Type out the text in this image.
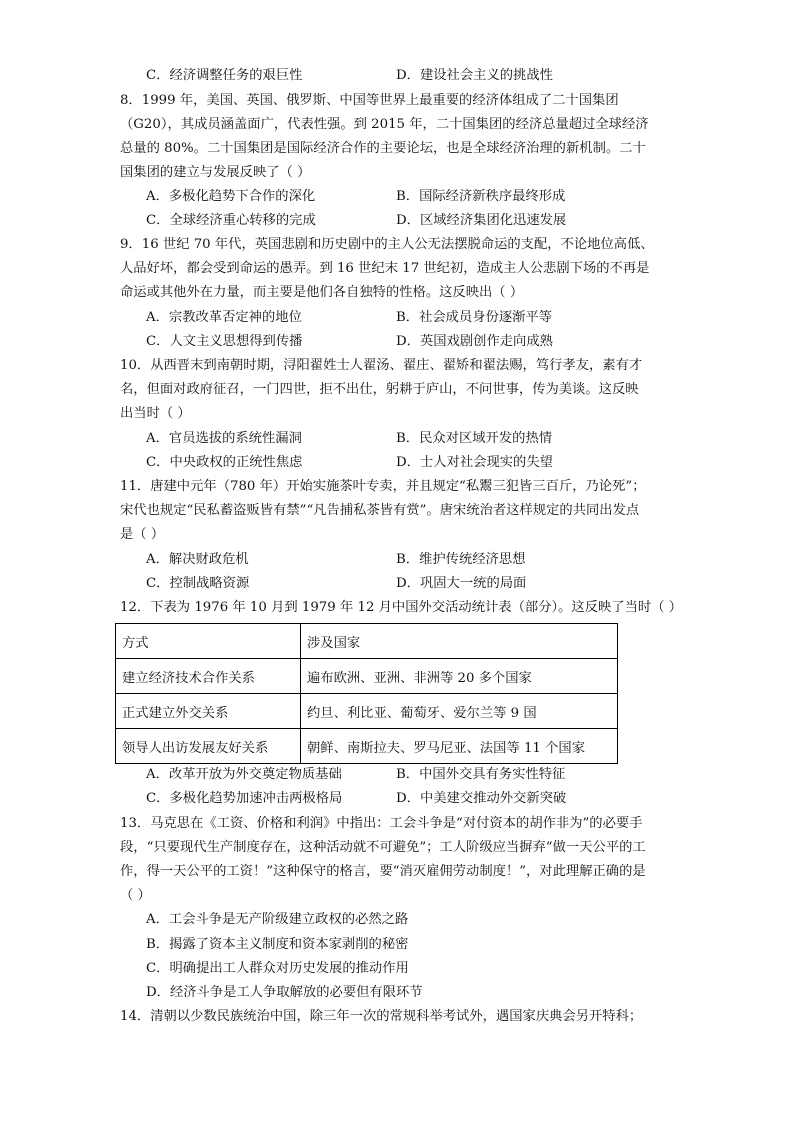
C．经济调整任务的艰巨性	D．建设社会主义的挑战性
8．1999 年，美国、英国、俄罗斯、中国等世界上最重要的经济体组成了二十国集团
（G20），其成员涵盖面广，代表性强。到 2015 年，二十国集团的经济总量超过全球经济
总量的 80%。二十国集团是国际经济合作的主要论坛，也是全球经济治理的新机制。二十
国集团的建立与发展反映了（ ）
A．多极化趋势下合作的深化	B．国际经济新秩序最终形成
C．全球经济重心转移的完成	D．区域经济集团化迅速发展
9．16 世纪 70 年代，英国悲剧和历史剧中的主人公无法摆脱命运的支配，不论地位高低、
人品好坏，都会受到命运的愚弄。到 16 世纪末 17 世纪初，造成主人公悲剧下场的不再是
命运或其他外在力量，而主要是他们各自独特的性格。这反映出（ ）
A．宗教改革否定神的地位	B．社会成员身份逐渐平等
C．人文主义思想得到传播	D．英国戏剧创作走向成熟
10．从西晋末到南朝时期，浔阳翟姓士人翟汤、翟庄、翟矫和翟法赐，笃行孝友，素有才
名，但面对政府征召，一门四世，拒不出仕，躬耕于庐山，不问世事，传为美谈。这反映
出当时（ ）
A．官员选拔的系统性漏洞	B．民众对区域开发的热情
C．中央政权的正统性焦虑	D．士人对社会现实的失望
11．唐建中元年（780 年）开始实施茶叶专卖，并且规定“私鬻三犯皆三百斤，乃论死”；
宋代也规定“民私蓄盗贩皆有禁”“凡告捕私茶皆有赏”。唐宋统治者这样规定的共同出发点
是（ ）
A．解决财政危机	B．维护传统经济思想
C．控制战略资源	D．巩固大一统的局面
12．下表为 1976 年 10 月到 1979 年 12 月中国外交活动统计表（部分）。这反映了当时（ ）
方式	涉及国家
建立经济技术合作关系	遍布欧洲、亚洲、非洲等 20 多个国家
正式建立外交关系	约旦、利比亚、葡萄牙、爱尔兰等 9 国
领导人出访发展友好关系	朝鲜、南斯拉夫、罗马尼亚、法国等 11 个国家
A．改革开放为外交奠定物质基础	B．中国外交具有务实性特征
C．多极化趋势加速冲击两极格局	D．中美建交推动外交新突破
13．马克思在《工资、价格和利润》中指出：工会斗争是“对付资本的胡作非为”的必要手
段，“只要现代生产制度存在，这种活动就不可避免”；工人阶级应当摒弃“做一天公平的工
作，得一天公平的工资！”这种保守的格言，要“消灭雇佣劳动制度！”，对此理解正确的是
（ ）
A．工会斗争是无产阶级建立政权的必然之路
B．揭露了资本主义制度和资本家剥削的秘密
C．明确提出工人群众对历史发展的推动作用
D．经济斗争是工人争取解放的必要但有限环节
14．清朝以少数民族统治中国，除三年一次的常规科举考试外，遇国家庆典会另开特科；
